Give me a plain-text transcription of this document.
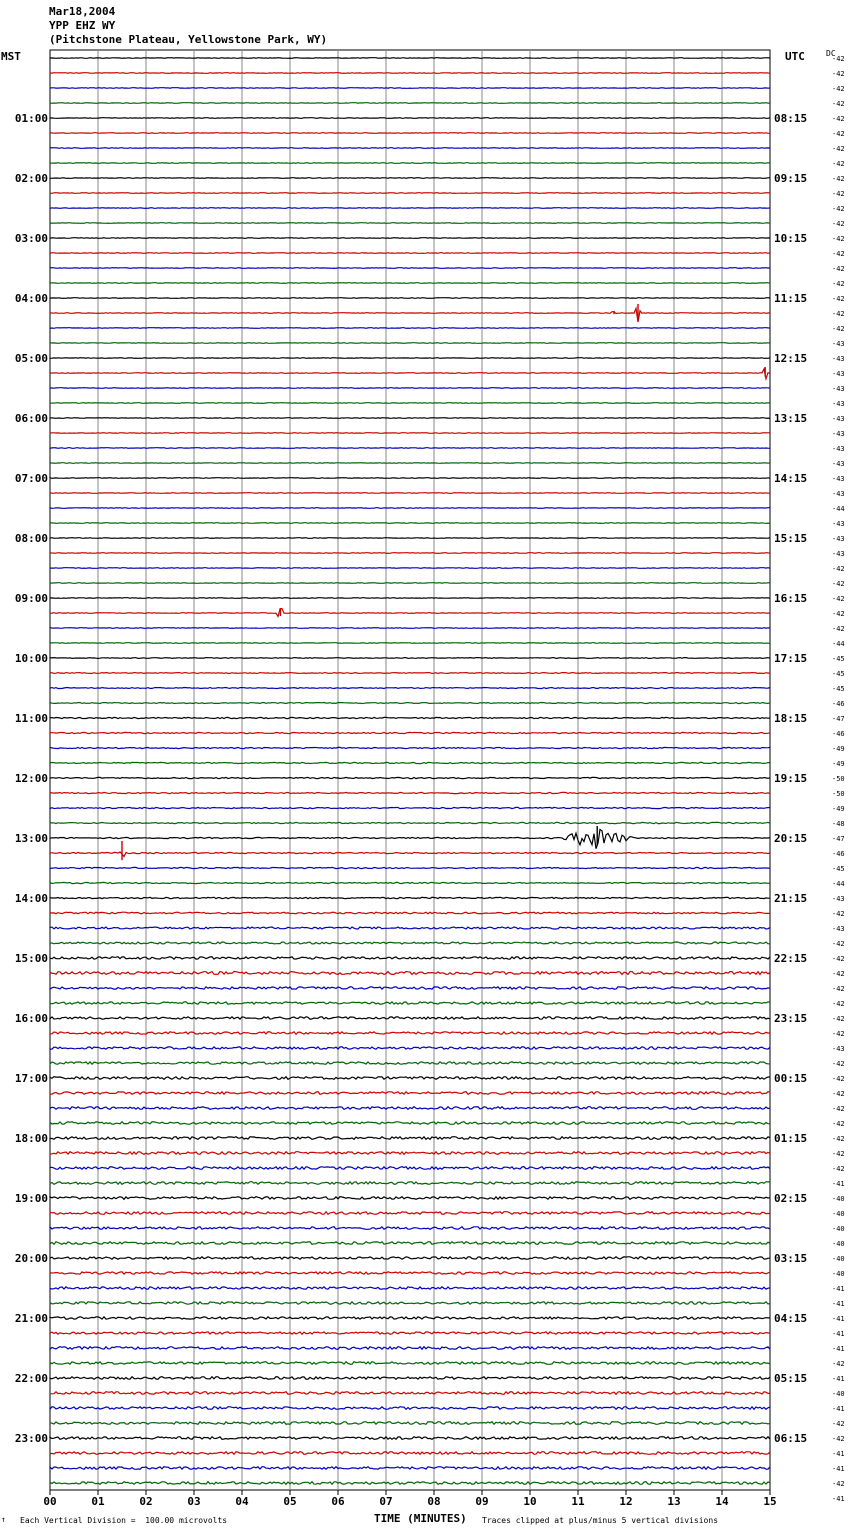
Mar18,2004
YPP EHZ WY
(Pitchstone Plateau, Yellowstone Park, WY)
MST	UTC	DC
01:00
02:00
03:00
04:00
05:00
06:00
07:00
08:00
09:00
10:00
11:00
12:00
13:00
14:00
15:00
16:00
17:00
18:00
19:00
20:00
21:00
22:00
23:00
08:15
09:15
10:15
11:15
12:15
13:15
14:15
15:15
16:15
17:15
18:15
19:15
20:15
21:15
22:15
23:15
00:15
01:15
02:15
03:15
04:15
05:15
06:15
-42
-42
-42
-42
-42
-42
-42
-42
-42
-42
-42
-42
-42
-42
-42
-42
-42
-42
-42
-43
-43
-43
-43
-43
-43
-43
-43
-43
-43
-43
-44
-43
-43
-43
-42
-42
-42
-42
-42
-44
-45
-45
-45
-46
-47
-46
-49
-49
-50
-50
-49
-48
-47
-46
-45
-44
-43
-42
-43
-42
-42
-42
-42
-42
-42
-42
-43
-42
-42
-42
-42
-42
-42
-42
-42
-41
-40
-40
-40
-40
-40
-40
-41
-41
-41
-41
-41
-42
-41
-40
-41
-42
-42
-41
-41
-42
-41
00	01	02	03	04	05	06	07	08	09	10	11	12	13	14	15
↑ Each Vertical Division =  100.00 microvolts	TIME (MINUTES) Traces clipped at plus/minus 5 vertical divisions
